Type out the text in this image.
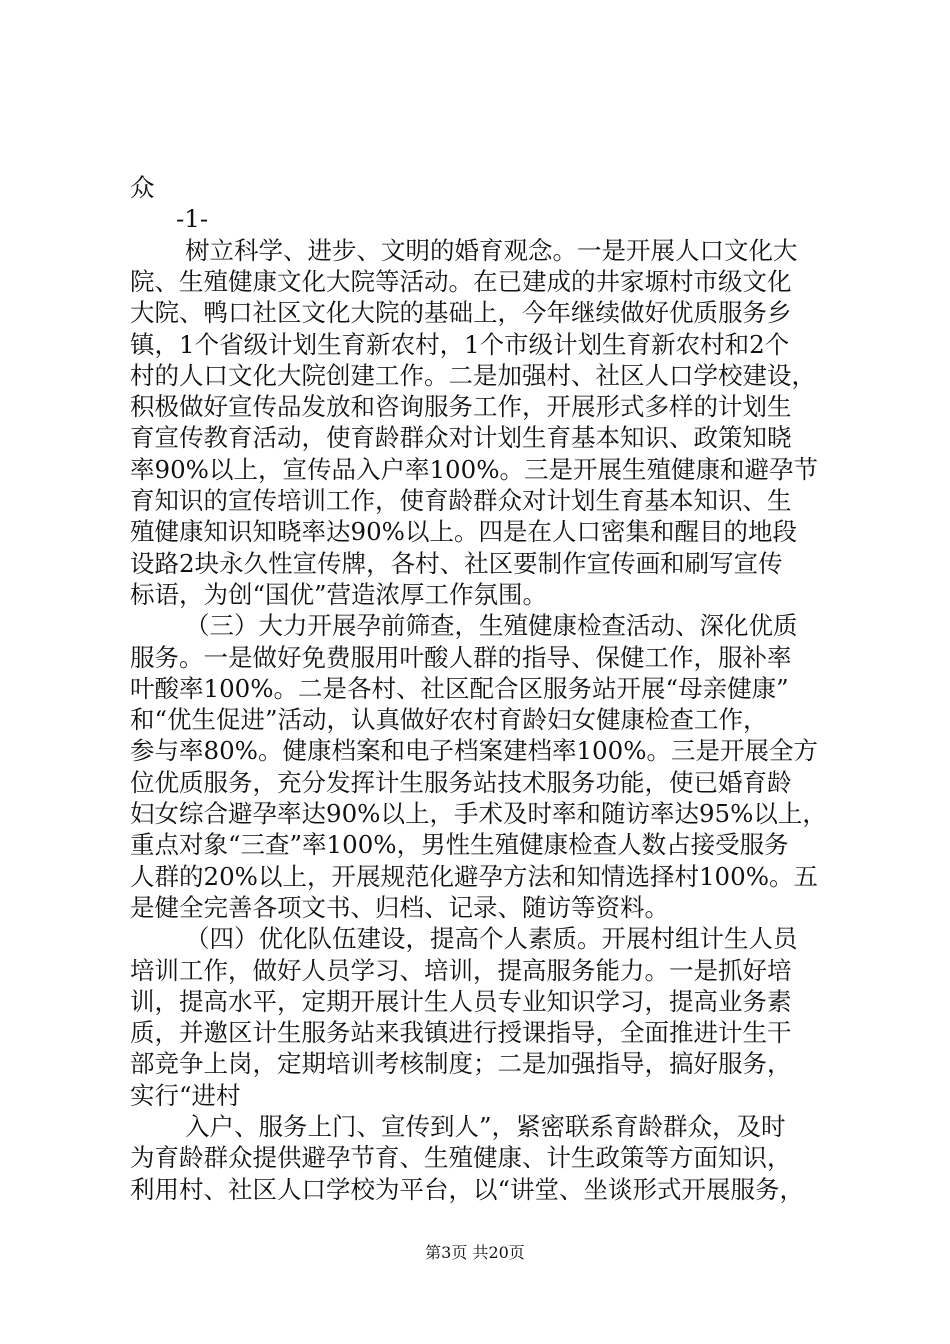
众
-1-
树立科学、进步、文明的婚育观念。一是开展人口文化大
院、生殖健康文化大院等活动。在已建成的井家塬村市级文化
大院、鸭口社区文化大院的基础上，今年继续做好优质服务乡
镇，1个省级计划生育新农村，1个市级计划生育新农村和2个
村的人口文化大院创建工作。二是加强村、社区人口学校建设，
积极做好宣传品发放和咨询服务工作，开展形式多样的计划生
育宣传教育活动，使育龄群众对计划生育基本知识、政策知晓
率90%以上，宣传品入户率100%。三是开展生殖健康和避孕节
育知识的宣传培训工作，使育龄群众对计划生育基本知识、生
殖健康知识知晓率达90%以上。四是在人口密集和醒目的地段
设路2块永久性宣传牌，各村、社区要制作宣传画和刷写宣传
标语，为创“国优”营造浓厚工作氛围。
（三）大力开展孕前筛查，生殖健康检查活动、深化优质
服务。一是做好免费服用叶酸人群的指导、保健工作，服补率
叶酸率100%。二是各村、社区配合区服务站开展“母亲健康”
和“优生促进”活动，认真做好农村育龄妇女健康检查工作，
参与率80%。健康档案和电子档案建档率100%。三是开展全方
位优质服务，充分发挥计生服务站技术服务功能，使已婚育龄
妇女综合避孕率达90%以上，手术及时率和随访率达95%以上，
重点对象“三查”率100%，男性生殖健康检查人数占接受服务
人群的20%以上，开展规范化避孕方法和知情选择村100%。五
是健全完善各项文书、归档、记录、随访等资料。
（四）优化队伍建设，提高个人素质。开展村组计生人员
培训工作，做好人员学习、培训，提高服务能力。一是抓好培
训，提高水平，定期开展计生人员专业知识学习，提高业务素
质，并邀区计生服务站来我镇进行授课指导，全面推进计生干
部竞争上岗，定期培训考核制度；二是加强指导，搞好服务，
实行“进村
入户、服务上门、宣传到人”，紧密联系育龄群众，及时
为育龄群众提供避孕节育、生殖健康、计生政策等方面知识，
利用村、社区人口学校为平台，以“讲堂、坐谈形式开展服务，
第3页 共20页
